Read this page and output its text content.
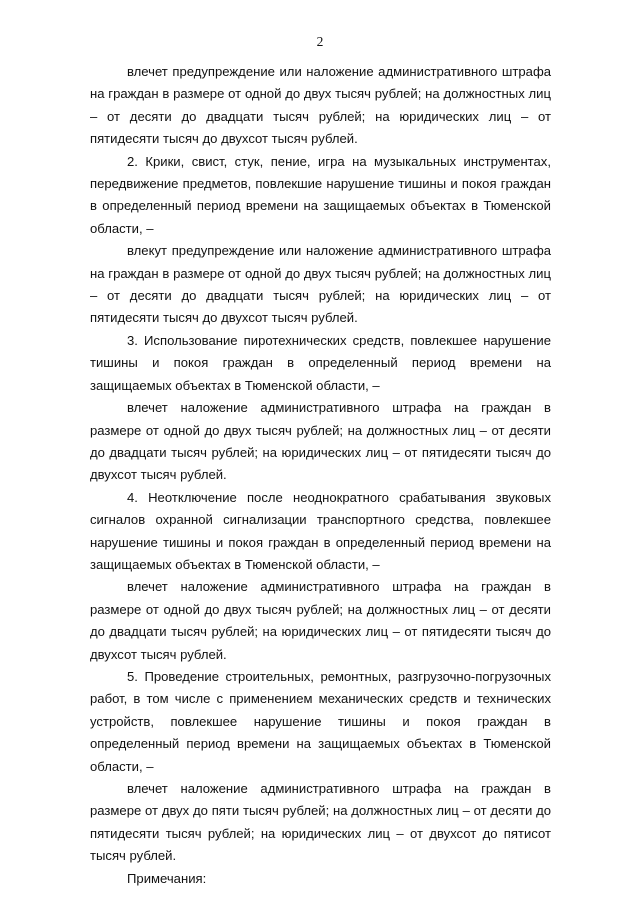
2

влечет предупреждение или наложение административного штрафа на граждан в размере от одной до двух тысяч рублей; на должностных лиц – от десяти до двадцати тысяч рублей; на юридических лиц – от пятидесяти тысяч до двухсот тысяч рублей.

2. Крики, свист, стук, пение, игра на музыкальных инструментах, передвижение предметов, повлекшие нарушение тишины и покоя граждан в определенный период времени на защищаемых объектах в Тюменской области, –

влекут предупреждение или наложение административного штрафа на граждан в размере от одной до двух тысяч рублей; на должностных лиц – от десяти до двадцати тысяч рублей; на юридических лиц – от пятидесяти тысяч до двухсот тысяч рублей.

3. Использование пиротехнических средств, повлекшее нарушение тишины и покоя граждан в определенный период времени на защищаемых объектах в Тюменской области, –

влечет наложение административного штрафа на граждан в размере от одной до двух тысяч рублей; на должностных лиц – от десяти до двадцати тысяч рублей; на юридических лиц – от пятидесяти тысяч до двухсот тысяч рублей.

4. Неотключение после неоднократного срабатывания звуковых сигналов охранной сигнализации транспортного средства, повлекшее нарушение тишины и покоя граждан в определенный период времени на защищаемых объектах в Тюменской области, –

влечет наложение административного штрафа на граждан в размере от одной до двух тысяч рублей; на должностных лиц – от десяти до двадцати тысяч рублей; на юридических лиц – от пятидесяти тысяч до двухсот тысяч рублей.

5. Проведение строительных, ремонтных, разгрузочно-погрузочных работ, в том числе с применением механических средств и технических устройств, повлекшее нарушение тишины и покоя граждан в определенный период времени на защищаемых объектах в Тюменской области, –

влечет наложение административного штрафа на граждан в размере от двух до пяти тысяч рублей; на должностных лиц – от десяти до пятидесяти тысяч рублей; на юридических лиц – от двухсот до пятисот тысяч рублей.

Примечания:
